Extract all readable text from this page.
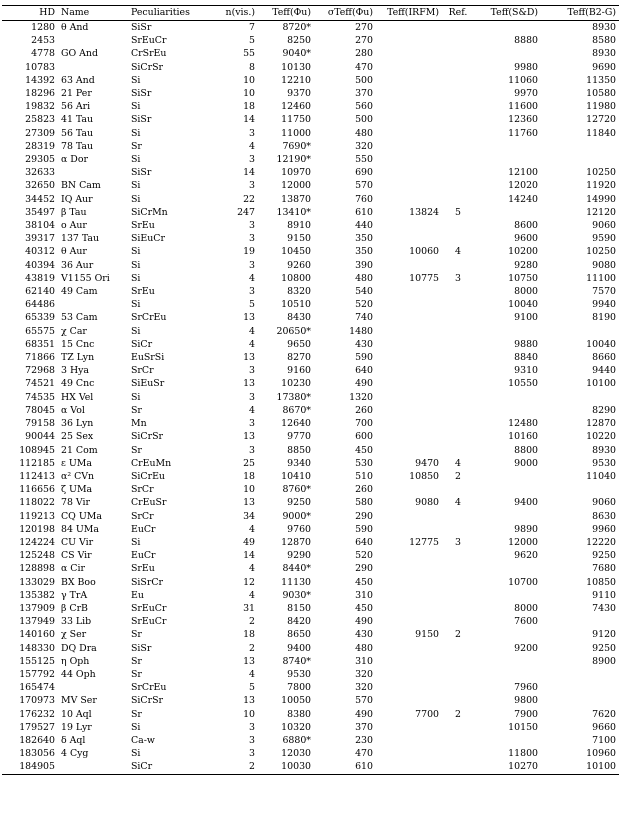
HD	Name	Peculiarities	n(vis.)	Teff(Φu)	σTeff(Φu)	Teff(IRFM)	Ref.	Teff(S&D)	Teff(B2-G)
1280	θ And	SiSr	7	8720*	270				8930
2453		SrEuCr	5	8250	270			8880	8580
4778	GO And	CrSrEu	55	9040*	280				8930
10783		SiCrSr	8	10130	470			9980	9690
14392	63 And	Si	10	12210	500			11060	11350
18296	21 Per	SiSr	10	9370	370			9970	10580
19832	56 Ari	Si	18	12460	560			11600	11980
25823	41 Tau	SiSr	14	11750	500			12360	12720
27309	56 Tau	Si	3	11000	480			11760	11840
28319	78 Tau	Sr	4	7690*	320				
29305	α Dor	Si	3	12190*	550				
32633		SiSr	14	10970	690			12100	10250
32650	BN Cam	Si	3	12000	570			12020	11920
34452	IQ Aur	Si	22	13870	760			14240	14990
35497	β Tau	SiCrMn	247	13410*	610	13824	5		12120
38104	o Aur	SrEu	3	8910	440			8600	9060
39317	137 Tau	SiEuCr	3	9150	350			9600	9590
40312	θ Aur	Si	19	10450	350	10060	4	10200	10250
40394	36 Aur	Si	3	9260	390			9280	9080
43819	V1155 Ori	Si	4	10800	480	10775	3	10750	11100
62140	49 Cam	SrEu	3	8320	540			8000	7570
64486		Si	5	10510	520			10040	9940
65339	53 Cam	SrCrEu	13	8430	740			9100	8190
65575	χ Car	Si	4	20650*	1480				
68351	15 Cnc	SiCr	4	9650	430			9880	10040
71866	TZ Lyn	EuSrSi	13	8270	590			8840	8660
72968	3 Hya	SrCr	3	9160	640			9310	9440
74521	49 Cnc	SiEuSr	13	10230	490			10550	10100
74535	HX Vel	Si	3	17380*	1320				
78045	α Vol	Sr	4	8670*	260				8290
79158	36 Lyn	Mn	3	12640	700			12480	12870
90044	25 Sex	SiCrSr	13	9770	600			10160	10220
108945	21 Com	Sr	3	8850	450			8800	8930
112185	ε UMa	CrEuMn	25	9340	530	9470	4	9000	9530
112413	α² CVn	SiCrEu	18	10410	510	10850	2		11040
116656	ζ UMa	SrCr	10	8760*	260				
118022	78 Vir	CrEuSr	13	9250	580	9080	4	9400	9060
119213	CQ UMa	SrCr	34	9000*	290				8630
120198	84 UMa	EuCr	4	9760	590			9890	9960
124224	CU Vir	Si	49	12870	640	12775	3	12000	12220
125248	CS Vir	EuCr	14	9290	520			9620	9250
128898	α Cir	SrEu	4	8440*	290				7680
133029	BX Boo	SiSrCr	12	11130	450			10700	10850
135382	γ TrA	Eu	4	9030*	310				9110
137909	β CrB	SrEuCr	31	8150	450			8000	7430
137949	33 Lib	SrEuCr	2	8420	490			7600	
140160	χ Ser	Sr	18	8650	430	9150	2		9120
148330	DQ Dra	SiSr	2	9400	480			9200	9250
155125	η Oph	Sr	13	8740*	310				8900
157792	44 Oph	Sr	4	9530	320				
165474		SrCrEu	5	7800	320			7960	
170973	MV Ser	SiCrSr	13	10050	570			9800	
176232	10 Aql	Sr	10	8380	490	7700	2	7900	7620
179527	19 Lyr	Si	3	10320	370			10150	9660
182640	δ Aql	Ca-w	3	6880*	230				7100
183056	4 Cyg	Si	3	12030	470			11800	10960
184905		SiCr	2	10030	610			10270	10100
